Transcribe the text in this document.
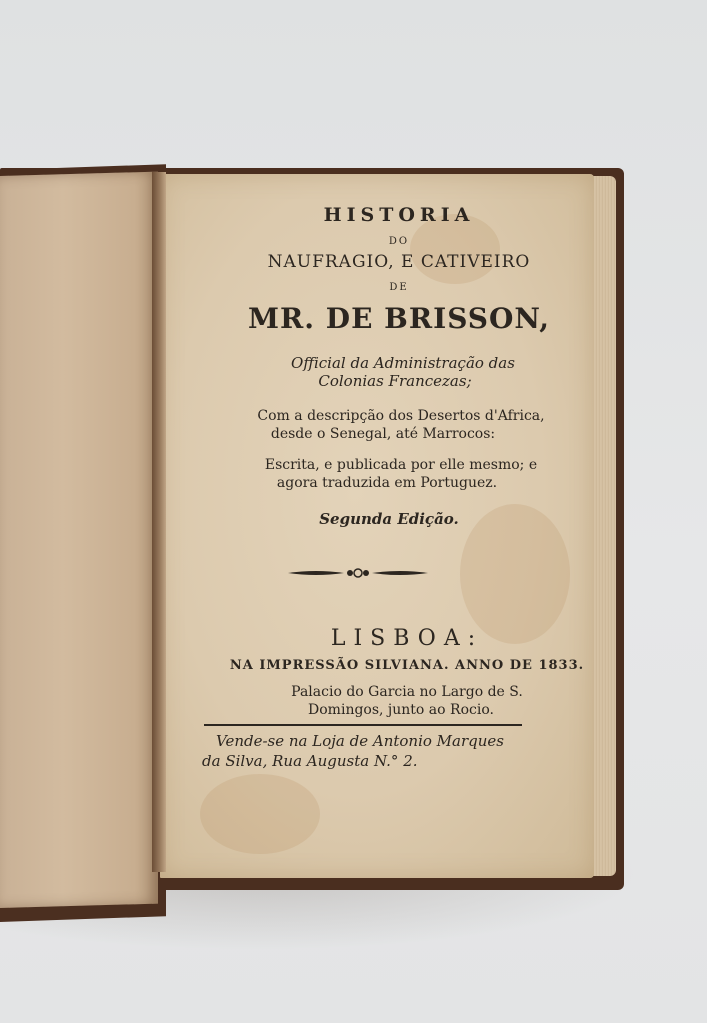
HISTORIA
DO
NAUFRAGIO, E CATIVEIRO
DE
MR. DE BRISSON,
Official da Administração das
Colonias Francezas;
Com a descripção dos Desertos d'Africa,
desde o Senegal, até Marrocos:
Escrita, e publicada por elle mesmo; e
agora traduzida em Portuguez.
Segunda Edição.
LISBOA:
NA IMPRESSÃO SILVIANA. ANNO DE 1833.
Palacio do Garcia no Largo de S.
Domingos, junto ao Rocio.
Vende-se na Loja de Antonio Marques
da Silva, Rua Augusta N.° 2.
